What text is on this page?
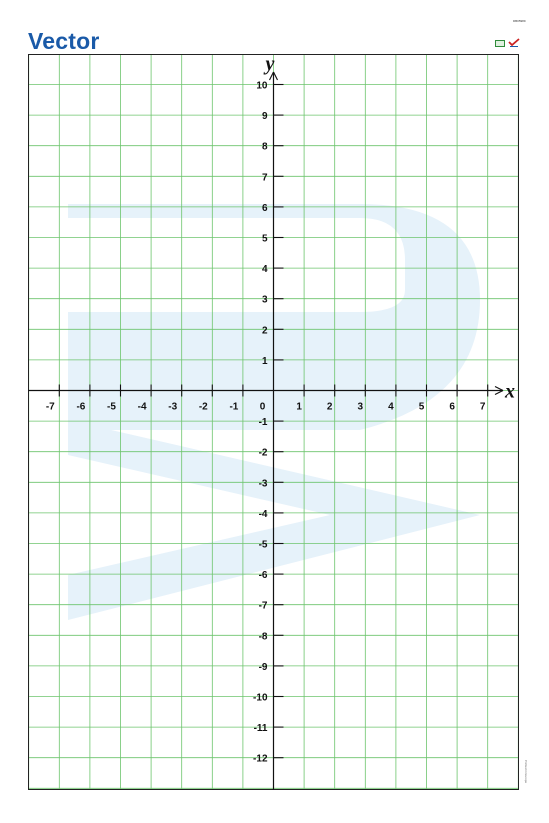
Vector
DB05989
-7 -6 -5 -4 -3 -2 -1 0	1	2	3	4	5	6	7
1
2
3
4
5
6
7
8
9
10
-1
-2
-3
-4
-5
-6
-7
-8
-9
-10
-11
-12
x
y
Printed in Europe
